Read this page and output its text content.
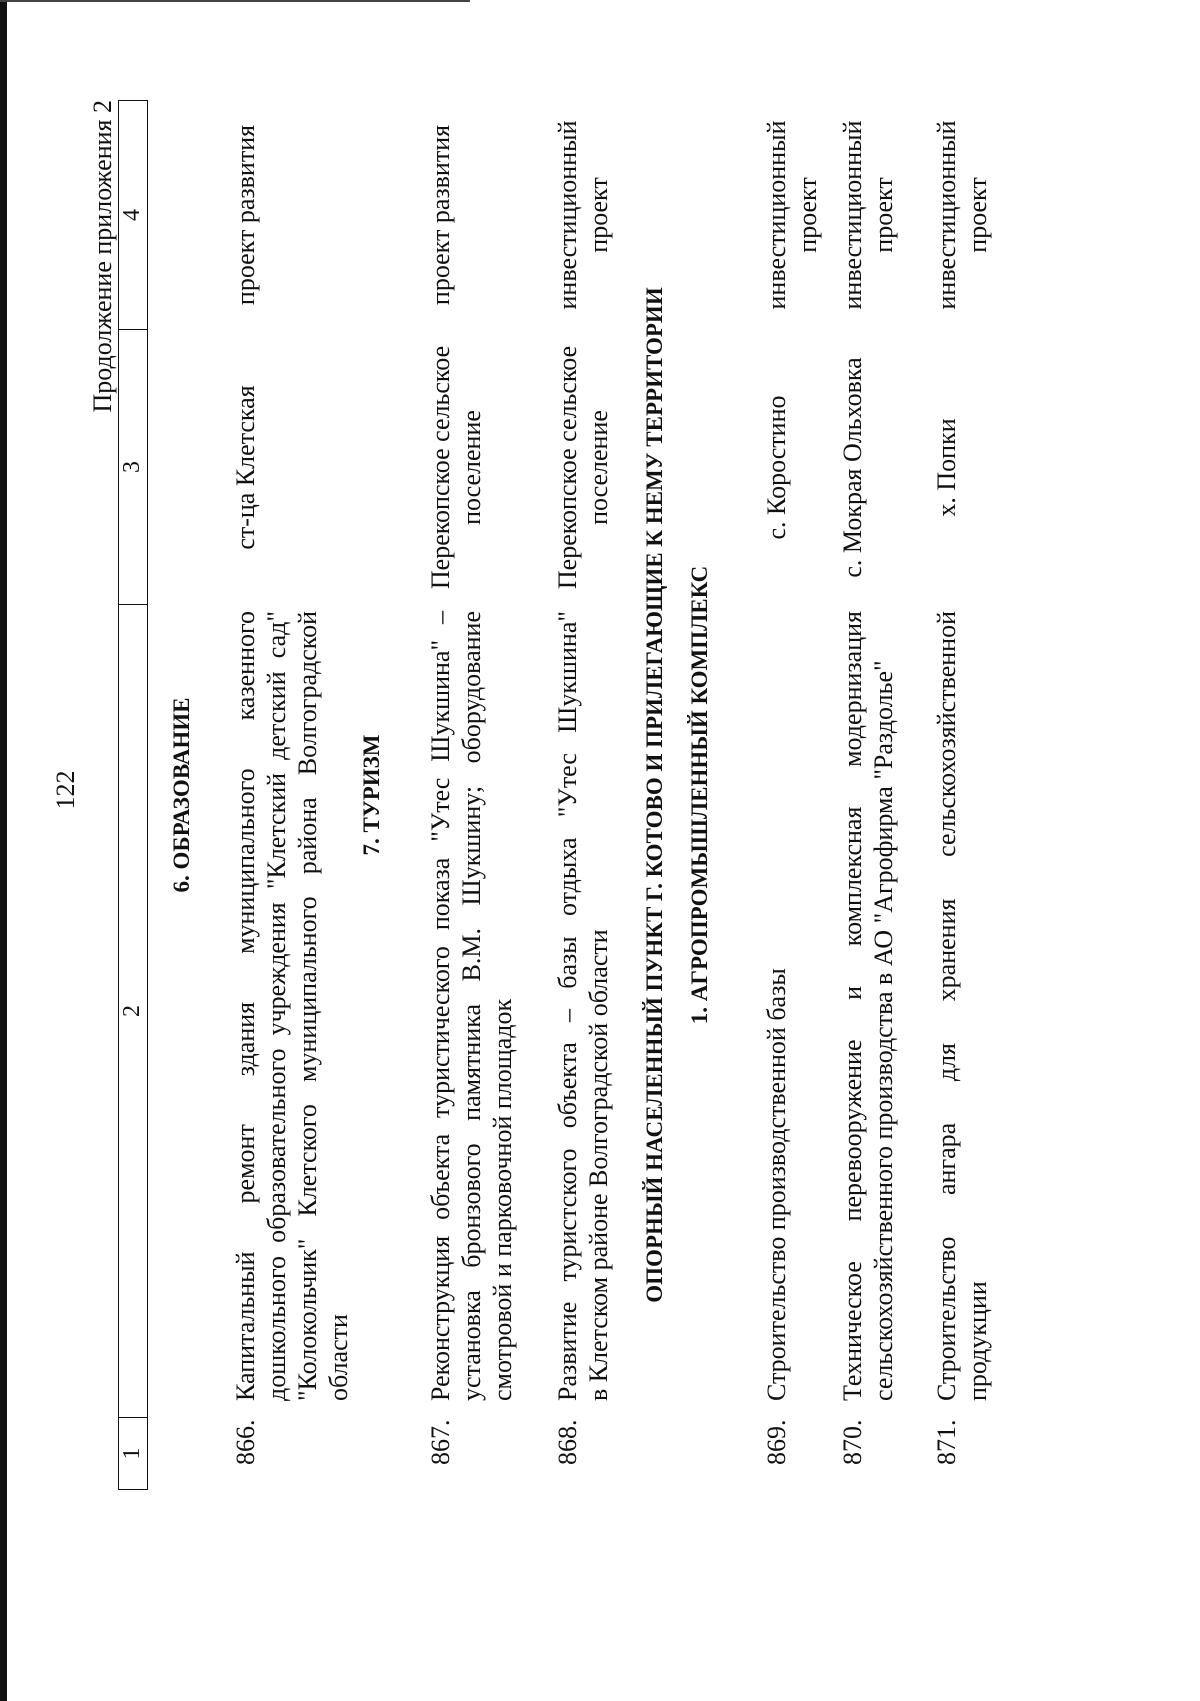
122
Продолжение приложения 2
1
2
3
4
6. ОБРАЗОВАНИЕ
866.
Капитальный ремонт здания муниципального казенного дошкольного образовательного учреждения "Клетский детский сад" "Колокольчик" Клетского муниципального района Волгоградской области
ст-ца Клетская
проект развития
7. ТУРИЗМ
867.
Реконструкция объекта туристического показа "Утес Шукшина" – установка бронзового памятника В.М. Шукшину; оборудование смотровой и парковочной площадок
Перекопское сельское поселение
проект развития
868.
Развитие туристского объекта – базы отдыха "Утес Шукшина" в Клетском районе Волгоградской области
Перекопское сельское поселение
инвестиционный проект
ОПОРНЫЙ НАСЕЛЕННЫЙ ПУНКТ Г. КОТОВО И ПРИЛЕГАЮЩИЕ К НЕМУ ТЕРРИТОРИИ 1. АГРОПРОМЫШЛЕННЫЙ КОМПЛЕКС
869.
Строительство производственной базы
с. Коростино
инвестиционный проект
870.
Техническое перевооружение и комплексная модернизация сельскохозяйственного производства в АО "Агрофирма "Раздолье"
с. Мокрая Ольховка
инвестиционный проект
871.
Строительство ангара для хранения сельскохозяйственной продукции
х. Попки
инвестиционный проект
